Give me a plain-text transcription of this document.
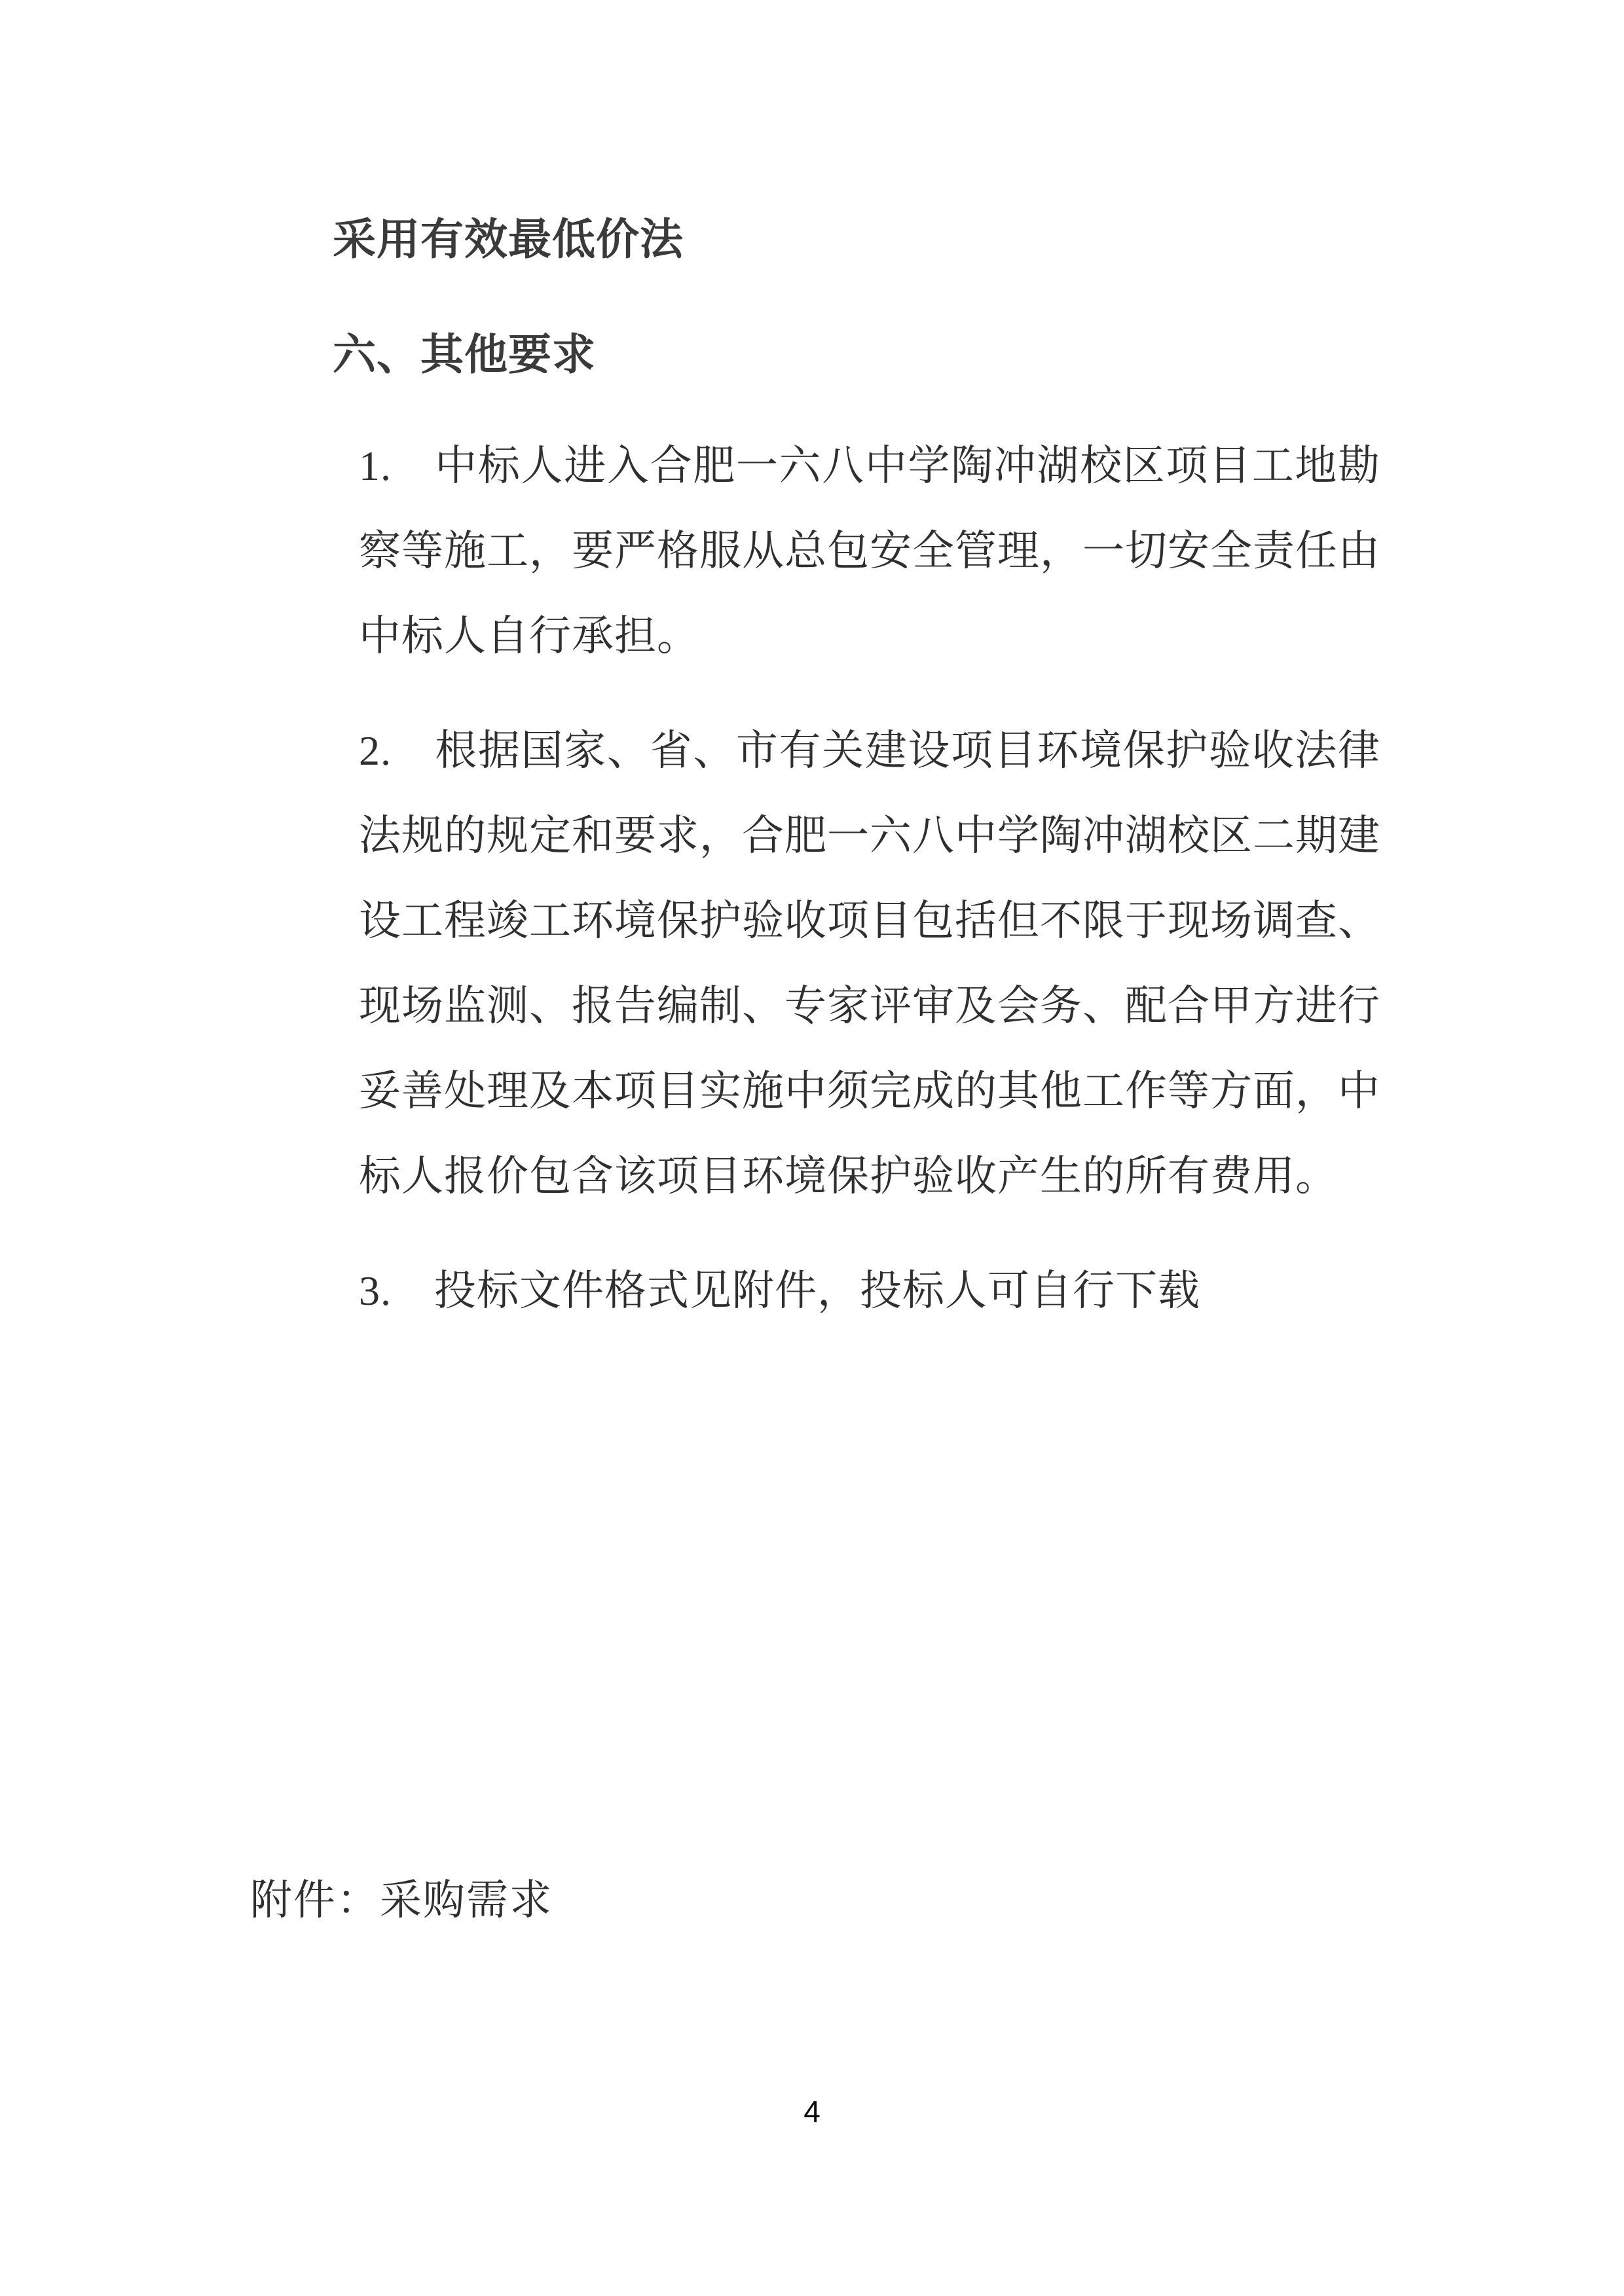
采用有效最低价法
六、其他要求

1.　中标人进入合肥一六八中学陶冲湖校区项目工地勘察等施工，要严格服从总包安全管理，一切安全责任由中标人自行承担。

2.　根据国家、省、市有关建设项目环境保护验收法律法规的规定和要求，合肥一六八中学陶冲湖校区二期建设工程竣工环境保护验收项目包括但不限于现场调查、现场监测、报告编制、专家评审及会务、配合甲方进行妥善处理及本项目实施中须完成的其他工作等方面，中标人报价包含该项目环境保护验收产生的所有费用。

3.　投标文件格式见附件，投标人可自行下载

附件：采购需求

4
